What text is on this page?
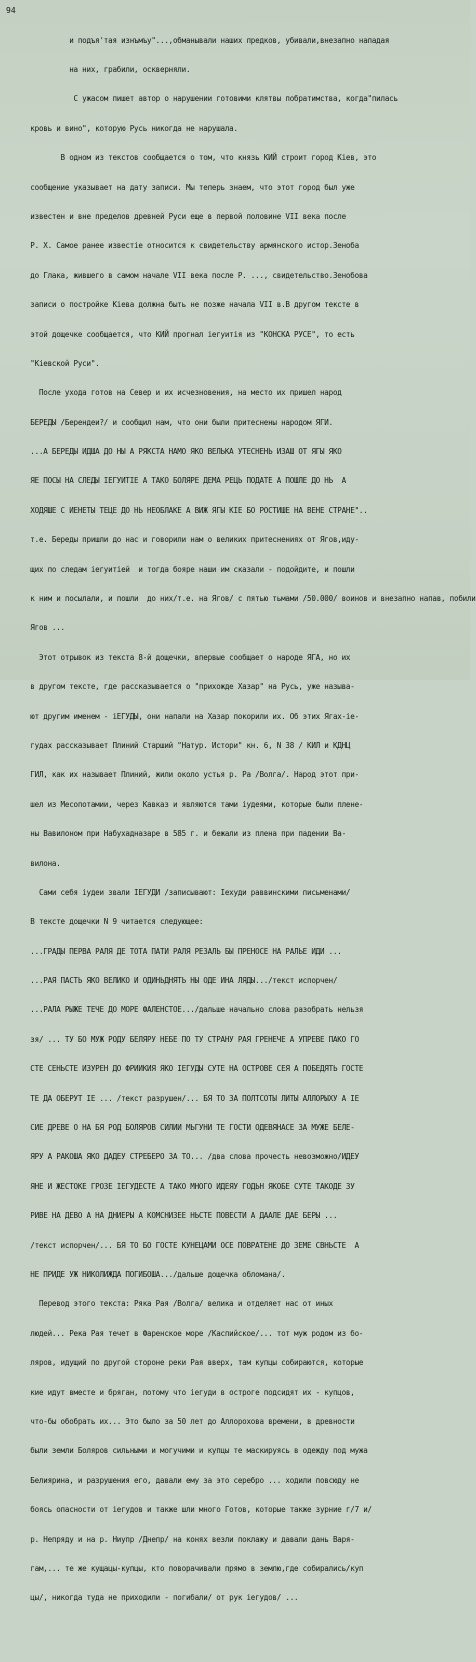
94

и подъя'тая изнъмъу"...,обманывали наших предков, убивали,внезапно нападая

на них, грабили, оскверняли.

С ужасом пишет автор о нарушении готовими клятвы побратимства, когда"пилась

кровь и вино", которую Русь никогда не нарушала.

В одном из текстов сообщается о том, что князь КИЙ строит город Кiев, это

сообщение указывает на дату записи. Мы теперь знаем, что этот город был уже

известен и вне пределов древней Руси еще в первой половине VII века после

Р. Х. Самое ранее известiе относится к свидетельству армянского истор.Зеноба

до Глака, жившего в самом начале VII века после Р. ..., свидетельство.Зенобова

записи о постройке Кiева должна быть не позже начала VII в.В другом тексте в

этой дощечке сообщается, что КИЙ прогнал iегуитiя из "КОНСКА РУСЕ", то есть

"Кiевской Руси".

После ухода готов на Север и их исчезновения, на место их пришел народ

БЕРЕДЫ /Берендеи?/ и сообщил нам, что они были притеснены народом ЯГИ.

...А БЕРЕДЫ ИДША ДО НЫ А РЯКСТА НАМО ЯКО ВЕЛЬКА УТЕСНЕНЬ ИЗАШ ОТ ЯГЫ ЯКО

ЯЕ ПОСЫ НА СЛЕДЫ IЕГУИТIЕ А ТАКО БОЛЯРЕ ДЕМА РЕЦЬ ПОДАТЕ А ПОШЛЕ ДО НЬ  А

ХОДЯШЕ С ИЕНЕТЫ ТЕЦЕ ДО НЬ НЕОБЛАКЕ А ВИЖ ЯГЫ КIЕ БО РОСТИШЕ НА ВЕНЕ СТРАНЕ"..

т.е. Береды пришли до нас и говорили нам о великих притеснениях от Ягов,иду-

щих по следам iегуитiей  и тогда бояре наши им сказали - подойдите, и пошли

к ним и посылали, и пошли  до них/т.е. на Ягов/ с пятью тьмами /50.000/ воинов и внезапно напав, побили

Ягов ...

Этот отрывок из текста 8-й дощечки, впервые сообщает о народе ЯГА, но их

в другом тексте, где рассказывается о "прихожде Хазар" на Русь, уже называ-

ют другим именем - iЕГУДЫ, они напали на Хазар покорили их. Об этих Ягах-iе-

гудах рассказывает Плиний Старший "Натур. Истори" кн. 6, N 38 / КИЛ и КДНЦ

ГИЛ, как их называет Плиний, жили около устья р. Ра /Волга/. Народ этот при-

шел из Месопотамии, через Кавказ и являются тами iудеями, которые были плене-

ны Вавилоном при Набухадназаре в 585 г. и бежали из плена при падении Ва-

вилона.

Сами себя iудеи звали IЕГУДИ /записывают: Iехуди раввинскими письменами/

В тексте дощечки N 9 читается следующее:

...ГРАДЫ ПЕРВА РАЛЯ ДЕ ТОТА ПАТИ РАЛЯ РЕЗАЛЬ БЫ ПРЕНОСЕ НА РАЛЬЕ ИДИ ...

...РАЯ ПАСТЬ ЯКО ВЕЛИКО И ОДИНЬДНЯТЬ НЫ ОДЕ ИНА ЛЯДЫ.../текст испорчен/

...РАЛА РЫЖЕ ТЕЧЕ ДО МОРЕ ФАЛЕНСТОЕ.../дальше начально слова разобрать нельзя

зя/ ... ТУ БО МУЖ РОДУ БЕЛЯРУ НЕБЕ ПО ТУ СТРАНУ РАЯ ГРЕНЕЧЕ А УПРЕВЕ ПАКО ГО

СТЕ СЕНЬСТЕ ИЗУРЕН ДО ФРИИКИЯ ЯКО IЕГУДЫ СУТЕ НА ОСТРОВЕ СЕЯ А ПОБЕДЯТЬ ГОСТЕ

ТЕ ДА ОБЕРУТ IE ... /текст разрушен/... БЯ ТО ЗА ПОЛТСОТЫ ЛИТЫ АЛЛОРЫХУ А IE

СИЕ ДРЕВЕ О НА БЯ РОД БОЛЯРОВ СИЛИИ МЬГУНИ ТЕ ГОСТИ ОДЕВЯНАСЕ ЗА МУЖЕ БЕЛЕ-

ЯРУ А РАКОША ЯКО ДАДЕУ СТРЕБЕРО ЗА ТО... /два слова прочесть невозможно/ИДЕУ

ЯНЕ И ЖЕСТОКЕ ГРОЗЕ IЕГУДЕСТЕ А ТАКО МНОГО ИДЕЯУ ГОДЬН ЯКОБЕ СУТЕ ТАКОДЕ ЗУ

РИВЕ НА ДЕВО А НА ДНИЕРЫ А КОМСНИЗЕЕ НЬСТЕ ПОВЕСТИ А ДААЛЕ ДАЕ БЕРЫ ...

/текст испорчен/... БЯ ТО БО ГОСТЕ КУНЕЦАМИ ОСЕ ПОВРАТЕНЕ ДО ЗЕМЕ СВНЬСТЕ  А

НЕ ПРИДЕ УЖ НИКОЛИЖДА ПОГИБОША.../дальше дощечка обломана/.

Перевод этого текста: Ряка Рая /Волга/ велика и отделяет нас от иных

людей... Река Рая течет в Фаренское море /Каспийское/... тот муж родом из бо-

ляров, идущий по другой стороне реки Рая вверх, там купцы собираются, которые

кие идут вместе и бряган, потому что iегуди в остроге подсидят их - купцов,

что-бы обобрать их... Это было за 50 лет до Аллорохова времени, в древности

были земли Боляров сильными и могучими и купцы те маскируясь в одежду под мужа

Белиярина, и разрушения его, давали ему за это серебро ... ходили повсюду не

боясь опасности от iегудов и также шли много Готов, которые также зурние г/7 и/

р. Непряду и на р. Ниупр /Днепр/ на конях везли поклажу и давали дань Варя-

гам,... те же кущацы-купцы, кто поворачивали прямо в землю,где собирались/куп

цы/, никогда туда не приходили - погибали/ от рук iегудов/ ...
